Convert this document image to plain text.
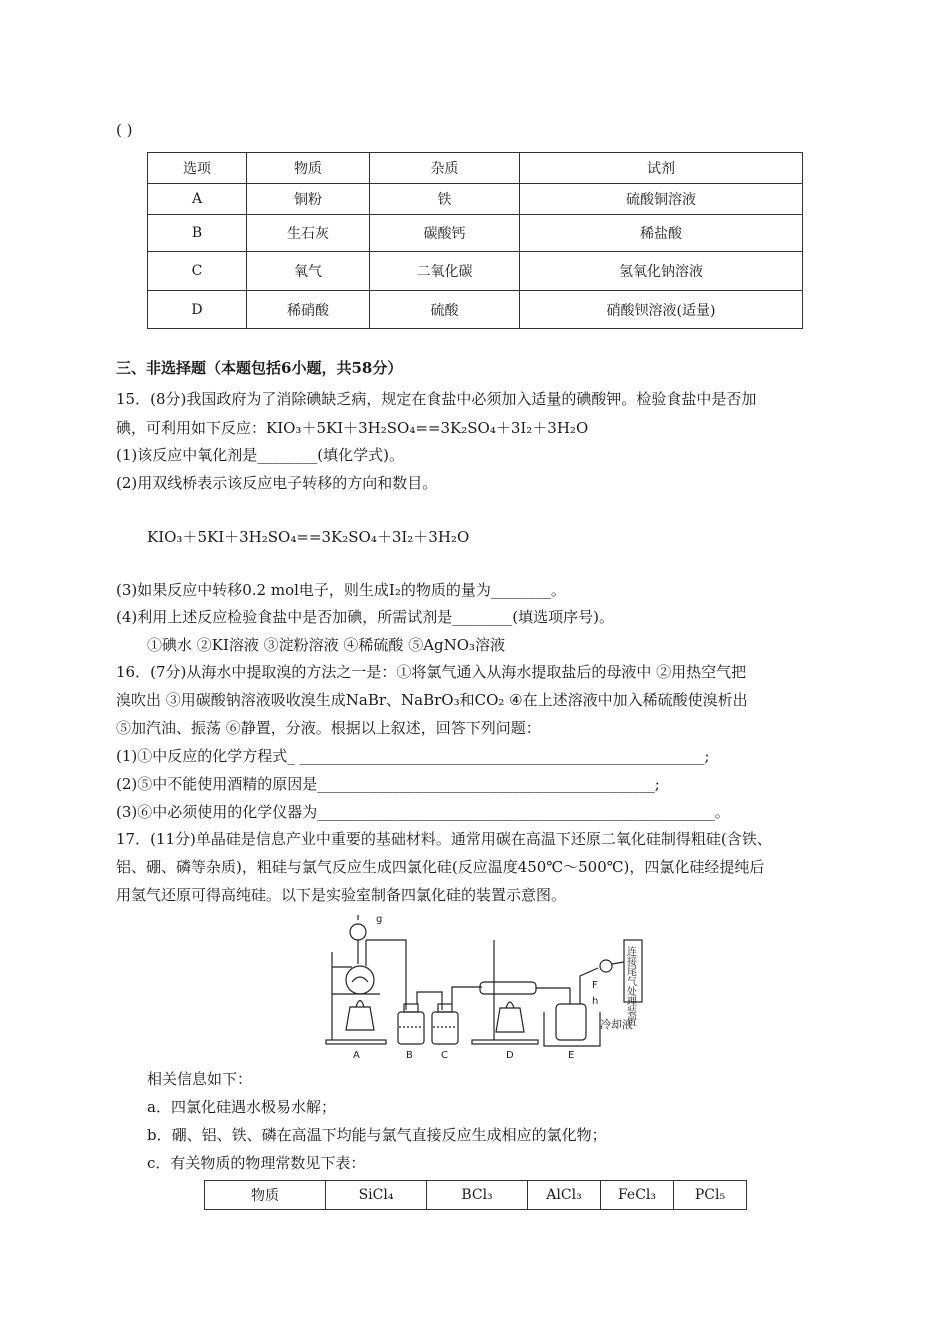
( )
选项	物质	杂质	试剂
A	铜粉	铁	硫酸铜溶液
B	生石灰	碳酸钙	稀盐酸
C	氧气	二氧化碳	氢氧化钠溶液
D	稀硝酸	硫酸	硝酸钡溶液(适量)
三、非选择题（本题包括6小题，共58分）
15．(8分)我国政府为了消除碘缺乏病，规定在食盐中必须加入适量的碘酸钾。检验食盐中是否加
碘，可利用如下反应：KIO₃＋5KI＋3H₂SO₄==3K₂SO₄＋3I₂＋3H₂O
(1)该反应中氧化剂是________(填化学式)。
(2)用双线桥表示该反应电子转移的方向和数目。
KIO₃＋5KI＋3H₂SO₄==3K₂SO₄＋3I₂＋3H₂O
(3)如果反应中转移0.2 mol电子，则生成I₂的物质的量为________。
(4)利用上述反应检验食盐中是否加碘，所需试剂是________(填选项序号)。
①碘水 ②KI溶液 ③淀粉溶液 ④稀硫酸 ⑤AgNO₃溶液
16．(7分)从海水中提取溴的方法之一是：①将氯气通入从海水提取盐后的母液中 ②用热空气把
溴吹出 ③用碳酸钠溶液吸收溴生成NaBr、NaBrO₃和CO₂ ④在上述溶液中加入稀硫酸使溴析出
⑤加汽油、振荡 ⑥静置，分液。根据以上叙述，回答下列问题：
(1)①中反应的化学方程式_ ______________________________________________________;
(2)⑤中不能使用酒精的原因是_____________________________________________;
(3)⑥中必须使用的化学仪器为_____________________________________________________。
17．(11分)单晶硅是信息产业中重要的基础材料。通常用碳在高温下还原二氧化硅制得粗硅(含铁、
铝、硼、磷等杂质)，粗硅与氯气反应生成四氯化硅(反应温度450℃～500℃)，四氯化硅经提纯后
用氢气还原可得高纯硅。以下是实验室制备四氯化硅的装置示意图。
A	B	C	D	E
F
g
h
冷却液
连接尾气处理装置
相关信息如下：
a．四氯化硅遇水极易水解；
b．硼、铝、铁、磷在高温下均能与氯气直接反应生成相应的氯化物；
c．有关物质的物理常数见下表：
物质	SiCl₄	BCl₃	AlCl₃	FeCl₃	PCl₅
